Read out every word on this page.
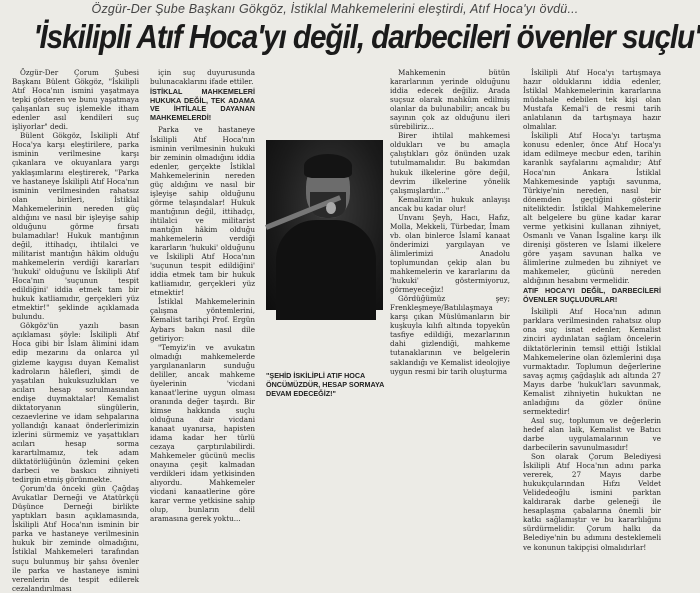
Özgür-Der Şube Başkanı Gökgöz, İstiklal Mahkemelerini eleştirdi, Atıf Hoca'yı övdü...
'İskilipli Atıf Hoca'yı değil, darbecileri övenler suçlu'

Özgür-Der Çorum Şubesi Başkanı Bülent Gökgöz, "İskilipli Atıf Hoca'nın ismini yaşatmaya tepki gösteren ve bunu yaşatmaya çalışanları suç işlemekle itham edenler asıl kendileri suç işliyorlar" dedi.

Bülent Gökgöz, İskilipli Atıf Hoca'ya karşı eleştirilere, parka isminin verilmesine karşı çıkanlara ve okuyanlara yargı yaklaşımlarını eleştirerek, "Parka ve hastaneye İskilipli Atıf Hoca'nın isminin verilmesinden rahatsız olan birileri, İstiklal Mahkemelerinin nereden güç aldığını ve nasıl bir işleyişe sahip olduğunu görme fırsatı bulamadılar! Hukuk mantığının değil, ittihadçı, ihtilalci ve militarist mantığın hâkim olduğu mahkemelerin verdiği kararları 'hukuki' olduğunu ve İskilipli Atıf Hoca'nın 'suçunun tespit edildiğini' iddia etmek tam bir hukuk katliamıdır, gerçekleri yüz etmektir!" şeklinde açıklamada bulundu.

Gökgöz'ün yazılı basın açıklaması şöyle: İskilipli Atıf Hoca gibi bir İslam âlimini idam edip mezarını da onlarca yıl gizleme kaygısı duyan Kemalist kadroların hâlefleri, şimdi de yaşatılan hukuksuzlukları ve acıları hesap sorulmasından endişe duymaktalar! Kemalist diktatoryanın süngülerin, cezaevlerine ve idam sehpalarına yollandığı kanaat önderlerimizin izlerini sürmemiz ve yaşattıkları acıları hesap sorma karartılmamız, tek adam diktatörlüğünün özlemini çeken darbeci ve baskıcı zihniyeti tedirgin etmiş görünmekte.

Çorum'da önceki gün Çağdaş Avukatlar Derneği ve Atatürkçü Düşünce Derneği birlikte yaptıkları basın açıklamasında, İskilipli Atıf Hoca'nın isminin bir parka ve hastaneye verilmesinin hukuk bir zeminde olmadığını, İstiklal Mahkemeleri tarafından suçu bulunmuş bir şahsı övenler ile parka ve hastaneye ismini verenlerin de tespit edilerek cezalandırılması

için suç duyurusunda bulunacaklarını ifade ettiler.

İSTİKLAL MAHKEMELERİ HUKUKA DEĞİL, TEK ADAMA VE İHTİLALE DAYANAN MAHKEMELERDİ!

Parka ve hastaneye İskilipli Atıf Hoca'nın isminin verilmesinin hukuki bir zeminin olmadığını iddia edenler, gerçekte İstiklal Mahkemelerinin nereden güç aldığını ve nasıl bir işleyişe sahip olduğunu görme telaşındalar! Hukuk mantığının değil, ittihadçı, ihtilalci ve militarist mantığın hâkim olduğu mahkemelerin verdiği kararların 'hukuki' olduğunu ve İskilipli Atıf Hoca'nın 'suçunun tespit edildiğini' iddia etmek tam bir hukuk katliamıdır, gerçekleri yüz etmektir!

İstiklal Mahkemelerinin çalışma yöntemlerini, Kemalist tarihçi Prof. Ergün Aybars bakın nasıl dile getiriyor:

"Temyiz'in ve avukatın olmadığı mahkemelerde yargılananların sunduğu deliller, ancak mahkeme üyelerinin 'vicdani kanaat'lerine uygun olması oranında değer taşırdı. Bir kimse hakkında suçlu olduğuna dair vicdani kanaat uyanırsa, hapisten idama kadar her türlü cezaya çarptırılabilirdi. Mahkemeler gücünü meclis onayına çeşit kalmadan verdikleri idam yetkisinden alıyordu. Mahkemeler vicdani kanaatlerine göre karar verme yetkisine sahip olup, bunların delil aramasına gerek yoktu...

Mahkemenin bütün kararlarının yerinde olduğunu iddia edecek değiliz. Arada suçsuz olarak mahkûm edilmiş olanlar da bulunabilir; ancak bu sayının çok az olduğunu ileri sürebiliriz...

Birer ihtilal mahkemesi oldukları ve bu amaçla çalıştıkları göz önünden uzak tutulmamalıdır. Bu bakımdan hukuk ilkelerine göre değil, devrim ilkelerine yönelik çalışmışlardır..."

Kemalizm'in hukuk anlayışı ancak bu kadar olur!

Unvanı Şeyh, Hacı, Hafız, Molla, Mekkeli, Türbedar, İmam vb. olan binlerce İslamî kanaat önderimizi yargılayan ve âlimlerimizi Anadolu toplumundan çekip alan bu mahkemelerin ve kararlarını da 'hukuki' göstermiyoruz, görmeyeceğiz!

Gördüğümüz şey; Frenkleşmeye/Batılılaşmaya karşı çıkan Müslümanların bir kuşkuyla kılıfı altında topyekûn tasfiye edildiği, mezarlarının dahi gizlendiği, mahkeme tutanaklarının ve belgelerin saklandığı ve Kemalist ideolojiye uygun resmi bir tarih oluşturma

"ŞEHİD İSKİLİPLİ ATIF HOCA ÖNCÜMÜZDÜR, HESAP SORMAYA DEVAM EDECEĞİZ!"

İskilipli Atıf Hoca'yı tartışmaya hazır olduklarını iddia edenler, İstiklal Mahkemelerinin kararlarına müdahale edebilen tek kişi olan Mustafa Kemal'i de resmi tarih anlatılanın da tartışmaya hazır olmalılar.

İskilipli Atıf Hoca'yı tartışma konusu edenler, önce Atıf Hoca'yı idam edilmeye mecbur eden, tarihin karanlık sayfalarını açmalıdır; Atıf Hoca'nın Ankara İstiklal Mahkemesinde yaptığı savunma, Türkiye'nin nereden, nasıl bir dönemden geçtiğini gösterir niteliktedir. İstiklal Mahkemelerine alt belgelere bu güne kadar karar verme yetkisini kullanan zihniyet, Osmanlı ve Vanan İsgaline karşı ilk direnişi gösteren ve İslami ilkelere göre yaşam savunan halka ve âlimlerine zulmeden bu zihniyet ve mahkemeler, gücünü nereden aldığının hesabını vermelidir.

ATIF HOCA'YI DEĞİL, DARBECİLERİ ÖVENLER SUÇLUDURLAR!

İskilipli Atıf Hoca'nın adının parklara verilmesinden rahatsız olup ona suç isnat edenler, Kemalist zinciri aydınlatan sağlam öncelerin diktatörlerinin temsil ettiği İstiklal Mahkemelerine olan özlemlerini dışa vurmaktadır. Toplumun değerlerine savaş açmış çağdaşlık adı altında 27 Mayıs darbe 'hukuk'ları savunmak, Kemalist zihniyetin hukuktan ne anladığını da gözler önüne sermektedir!

Asıl suç, toplumun ve değerlerin hedef alan laik, Kemalist ve Batıcı darbe uygulamalarının ve darbecilerin savunulmasıdır!

Son olarak Çorum Belediyesi İskilipli Atıf Hoca'nın adını parka vererek, 27 Mayıs darbe hukukçularından Hıfzı Veldet Velidedeoğlu ismini parktan kaldırarak darbe geleneği ile hesaplaşma çabalarına önemli bir katkı sağlamıştır ve bu kararlılığını sürdürmelidir. Çorum halkı da Belediye'nin bu adımını desteklemeli ve konunun takipçisi olmalıdırlar!
